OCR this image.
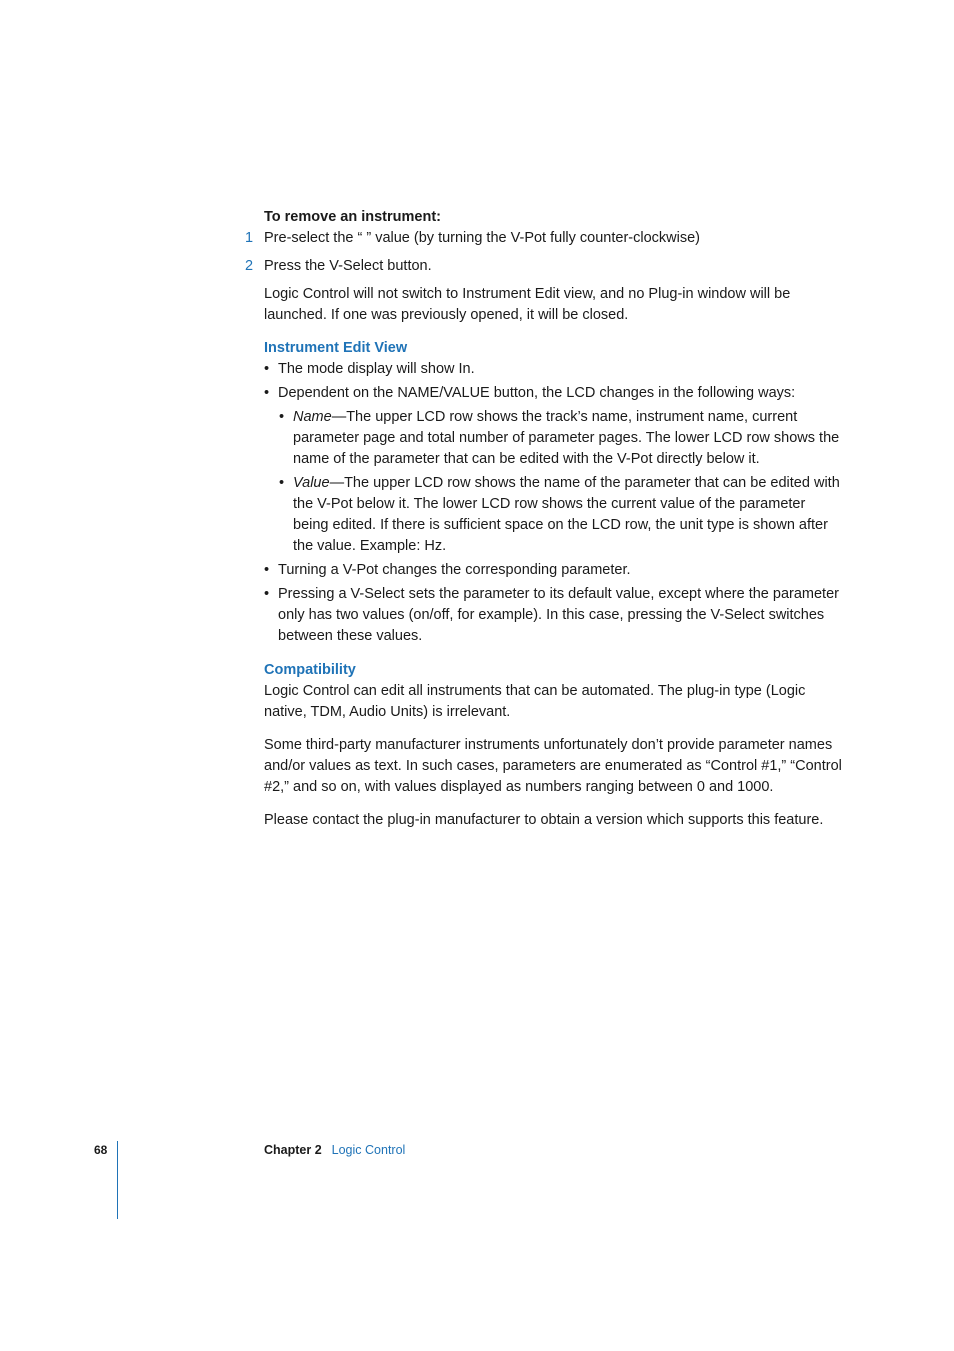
To remove an instrument:

1 Pre-select the “ ” value (by turning the V-Pot fully counter-clockwise)

2 Press the V-Select button.

Logic Control will not switch to Instrument Edit view, and no Plug-in window will be launched. If one was previously opened, it will be closed.

Instrument Edit View

• The mode display will show In.
• Dependent on the NAME/VALUE button, the LCD changes in the following ways:
• Name—The upper LCD row shows the track’s name, instrument name, current parameter page and total number of parameter pages. The lower LCD row shows the name of the parameter that can be edited with the V-Pot directly below it.
• Value—The upper LCD row shows the name of the parameter that can be edited with the V-Pot below it. The lower LCD row shows the current value of the parameter being edited. If there is sufficient space on the LCD row, the unit type is shown after the value. Example: Hz.
• Turning a V-Pot changes the corresponding parameter.
• Pressing a V-Select sets the parameter to its default value, except where the parameter only has two values (on/off, for example). In this case, pressing the V-Select switches between these values.

Compatibility

Logic Control can edit all instruments that can be automated. The plug-in type (Logic native, TDM, Audio Units) is irrelevant.

Some third-party manufacturer instruments unfortunately don’t provide parameter names and/or values as text. In such cases, parameters are enumerated as “Control #1,” “Control #2,” and so on, with values displayed as numbers ranging between 0 and 1000.

Please contact the plug-in manufacturer to obtain a version which supports this feature.

68	Chapter 2 Logic Control
